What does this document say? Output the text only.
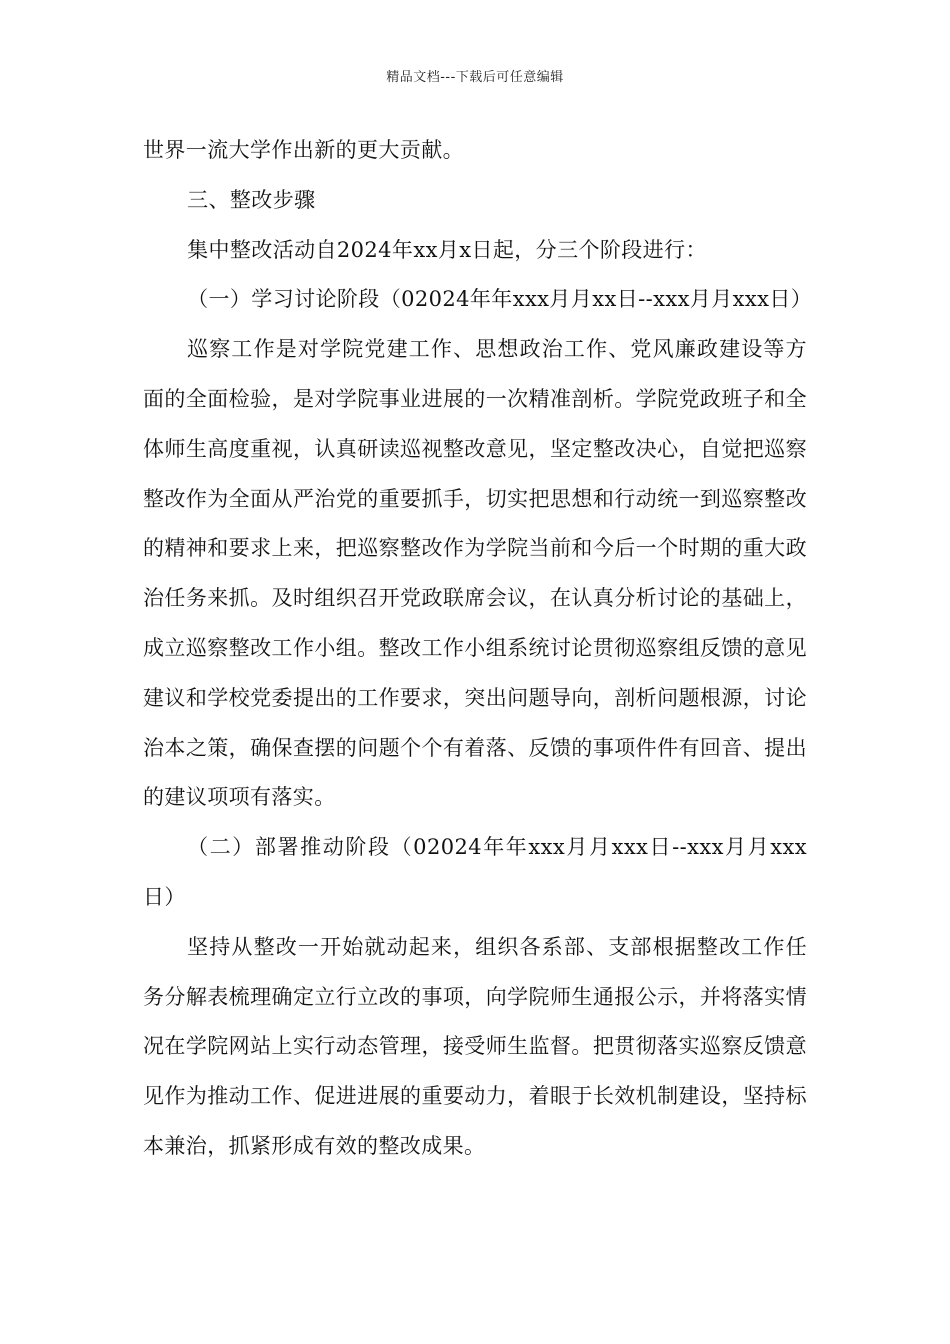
精品文档---下载后可任意编辑

世界一流大学作出新的更大贡献。

三、整改步骤

集中整改活动自2024年xx月x日起，分三个阶段进行：

（一）学习讨论阶段（02024年年xxx月月xx日--xxx月月xxx日）

巡察工作是对学院党建工作、思想政治工作、党风廉政建设等方面的全面检验，是对学院事业进展的一次精准剖析。学院党政班子和全体师生高度重视，认真研读巡视整改意见，坚定整改决心，自觉把巡察整改作为全面从严治党的重要抓手，切实把思想和行动统一到巡察整改的精神和要求上来，把巡察整改作为学院当前和今后一个时期的重大政治任务来抓。及时组织召开党政联席会议，在认真分析讨论的基础上，成立巡察整改工作小组。整改工作小组系统讨论贯彻巡察组反馈的意见建议和学校党委提出的工作要求，突出问题导向，剖析问题根源，讨论治本之策，确保查摆的问题个个有着落、反馈的事项件件有回音、提出的建议项项有落实。

（二）部署推动阶段（02024年年xxx月月xxx日--xxx月月xxx日）

坚持从整改一开始就动起来，组织各系部、支部根据整改工作任务分解表梳理确定立行立改的事项，向学院师生通报公示，并将落实情况在学院网站上实行动态管理，接受师生监督。把贯彻落实巡察反馈意见作为推动工作、促进进展的重要动力，着眼于长效机制建设，坚持标本兼治，抓紧形成有效的整改成果。
